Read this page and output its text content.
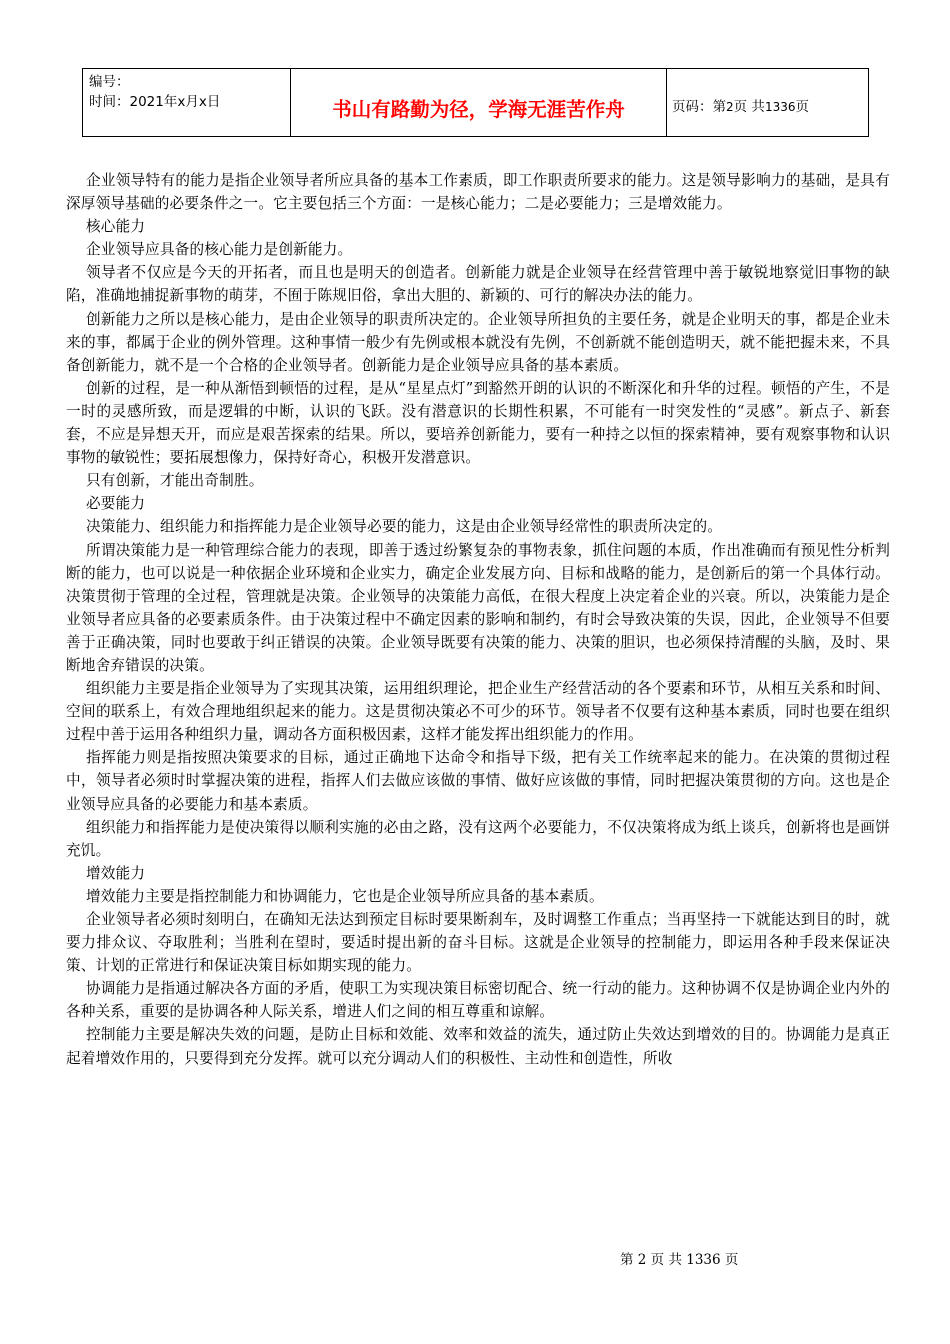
编号：
时间：2021年x月x日	书山有路勤为径，学海无涯苦作舟	页码：第2页 共1336页

企业领导特有的能力是指企业领导者所应具备的基本工作素质，即工作职责所要求的能力。这是领导影响力的基础，是具有深厚领导基础的必要条件之一。它主要包括三个方面：一是核心能力；二是必要能力；三是增效能力。

核心能力

企业领导应具备的核心能力是创新能力。

领导者不仅应是今天的开拓者，而且也是明天的创造者。创新能力就是企业领导在经营管理中善于敏锐地察觉旧事物的缺陷，准确地捕捉新事物的萌芽，不囿于陈规旧俗，拿出大胆的、新颖的、可行的解决办法的能力。

创新能力之所以是核心能力，是由企业领导的职责所决定的。企业领导所担负的主要任务，就是企业明天的事，都是企业未来的事，都属于企业的例外管理。这种事情一般少有先例或根本就没有先例，不创新就不能创造明天，就不能把握未来，不具备创新能力，就不是一个合格的企业领导者。创新能力是企业领导应具备的基本素质。

创新的过程，是一种从渐悟到顿悟的过程，是从“星星点灯”到豁然开朗的认识的不断深化和升华的过程。顿悟的产生，不是一时的灵感所致，而是逻辑的中断，认识的飞跃。没有潜意识的长期性积累，不可能有一时突发性的“灵感”。新点子、新套套，不应是异想天开，而应是艰苦探索的结果。所以，要培养创新能力，要有一种持之以恒的探索精神，要有观察事物和认识事物的敏锐性；要拓展想像力，保持好奇心，积极开发潜意识。

只有创新，才能出奇制胜。

必要能力

决策能力、组织能力和指挥能力是企业领导必要的能力，这是由企业领导经常性的职责所决定的。

所谓决策能力是一种管理综合能力的表现，即善于透过纷繁复杂的事物表象，抓住问题的本质，作出准确而有预见性分析判断的能力，也可以说是一种依据企业环境和企业实力，确定企业发展方向、目标和战略的能力，是创新后的第一个具体行动。决策贯彻于管理的全过程，管理就是决策。企业领导的决策能力高低，在很大程度上决定着企业的兴衰。所以，决策能力是企业领导者应具备的必要素质条件。由于决策过程中不确定因素的影响和制约，有时会导致决策的失误，因此，企业领导不但要善于正确决策，同时也要敢于纠正错误的决策。企业领导既要有决策的能力、决策的胆识，也必须保持清醒的头脑，及时、果断地舍弃错误的决策。

组织能力主要是指企业领导为了实现其决策，运用组织理论，把企业生产经营活动的各个要素和环节，从相互关系和时间、空间的联系上，有效合理地组织起来的能力。这是贯彻决策必不可少的环节。领导者不仅要有这种基本素质，同时也要在组织过程中善于运用各种组织力量，调动各方面积极因素，这样才能发挥出组织能力的作用。

指挥能力则是指按照决策要求的目标，通过正确地下达命令和指导下级，把有关工作统率起来的能力。在决策的贯彻过程中，领导者必须时时掌握决策的进程，指挥人们去做应该做的事情、做好应该做的事情，同时把握决策贯彻的方向。这也是企业领导应具备的必要能力和基本素质。

组织能力和指挥能力是使决策得以顺利实施的必由之路，没有这两个必要能力，不仅决策将成为纸上谈兵，创新将也是画饼充饥。

增效能力

增效能力主要是指控制能力和协调能力，它也是企业领导所应具备的基本素质。

企业领导者必须时刻明白，在确知无法达到预定目标时要果断刹车，及时调整工作重点；当再坚持一下就能达到目的时，就要力排众议、夺取胜利；当胜利在望时，要适时提出新的奋斗目标。这就是企业领导的控制能力，即运用各种手段来保证决策、计划的正常进行和保证决策目标如期实现的能力。

协调能力是指通过解决各方面的矛盾，使职工为实现决策目标密切配合、统一行动的能力。这种协调不仅是协调企业内外的各种关系，重要的是协调各种人际关系，增进人们之间的相互尊重和谅解。

控制能力主要是解决失效的问题，是防止目标和效能、效率和效益的流失，通过防止失效达到增效的目的。协调能力是真正起着增效作用的，只要得到充分发挥。就可以充分调动人们的积极性、主动性和创造性，所收

第 2 页 共 1336 页
